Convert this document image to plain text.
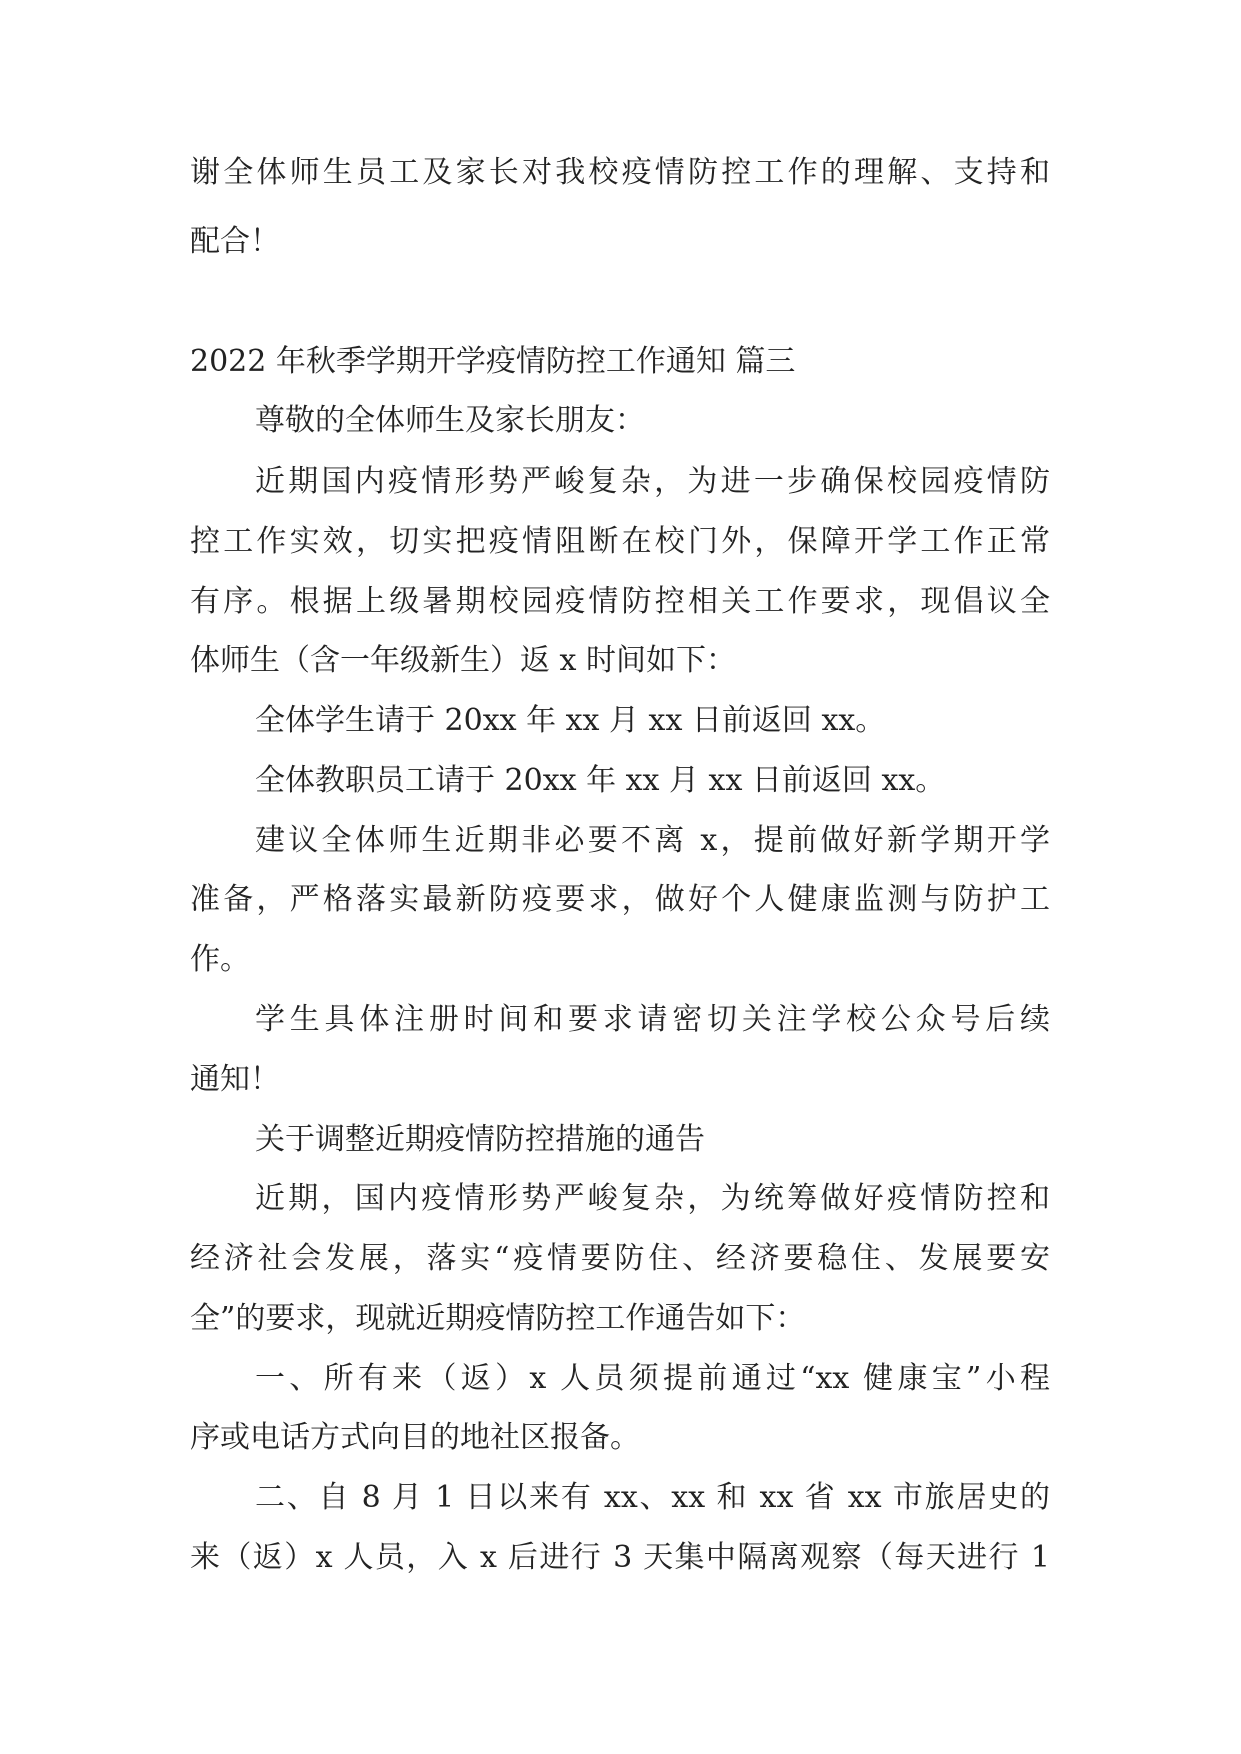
谢全体师生员工及家长对我校疫情防控工作的理解、支持和
配合！
2022 年秋季学期开学疫情防控工作通知 篇三
尊敬的全体师生及家长朋友：
近期国内疫情形势严峻复杂，为进一步确保校园疫情防
控工作实效，切实把疫情阻断在校门外，保障开学工作正常
有序。根据上级暑期校园疫情防控相关工作要求，现倡议全
体师生（含一年级新生）返 x 时间如下：
全体学生请于 20xx 年 xx 月 xx 日前返回 xx。
全体教职员工请于 20xx 年 xx 月 xx 日前返回 xx。
建议全体师生近期非必要不离 x，提前做好新学期开学
准备，严格落实最新防疫要求，做好个人健康监测与防护工
作。
学生具体注册时间和要求请密切关注学校公众号后续
通知！
关于调整近期疫情防控措施的通告
近期，国内疫情形势严峻复杂，为统筹做好疫情防控和
经济社会发展，落实“疫情要防住、经济要稳住、发展要安
全”的要求，现就近期疫情防控工作通告如下：
一、所有来（返）x 人员须提前通过“xx 健康宝”小程
序或电话方式向目的地社区报备。
二、自 8 月 1 日以来有 xx、xx 和 xx 省 xx 市旅居史的
来（返）x 人员，入 x 后进行 3 天集中隔离观察（每天进行 1
